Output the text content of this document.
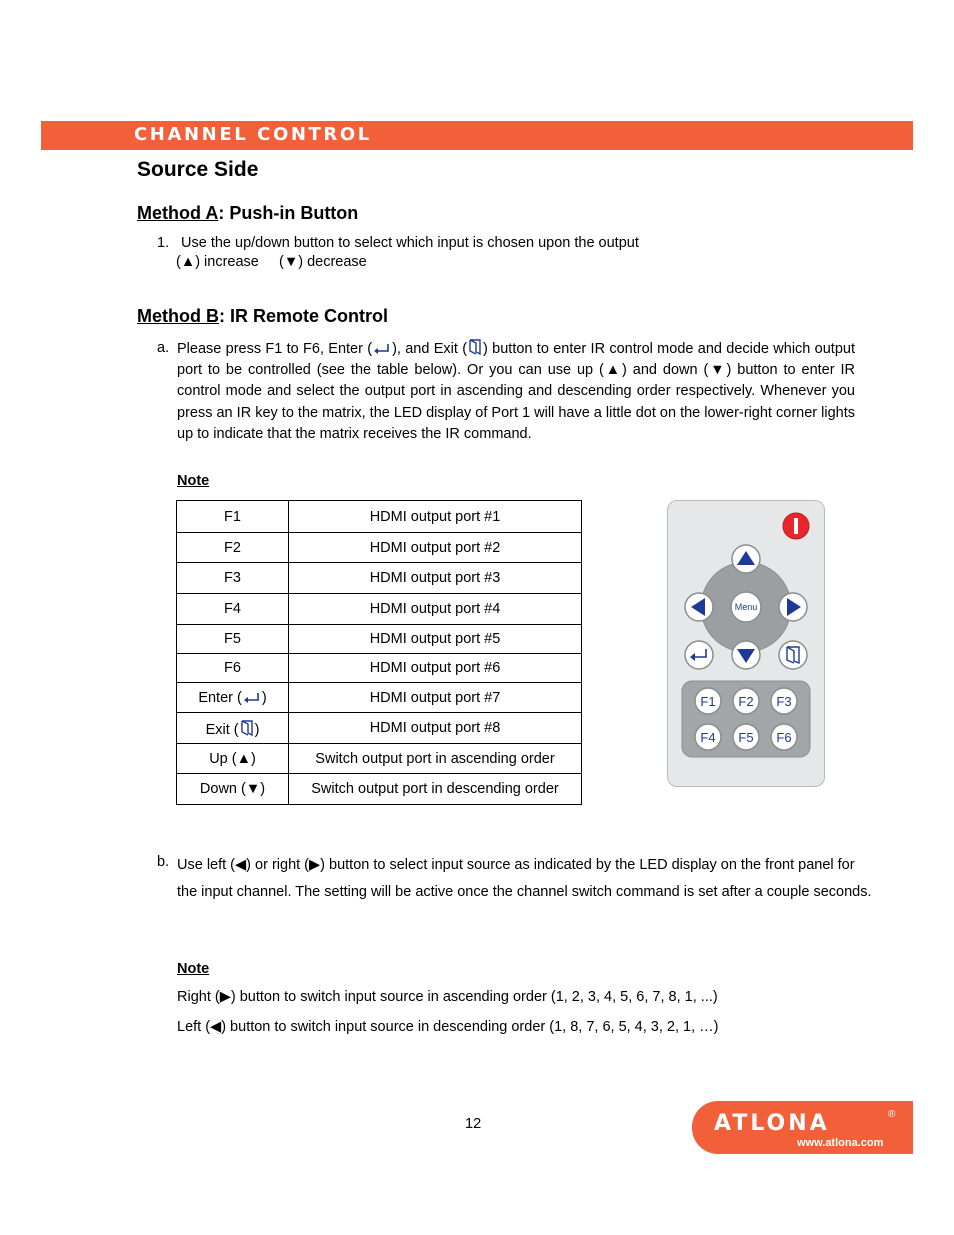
CHANNEL CONTROL
Source Side
Method A: Push-in Button
1. Use the up/down button to select which input is chosen upon the output
(▲) increase     (▼) decrease
Method B: IR Remote Control
a. Please press F1 to F6, Enter ( ), and Exit ( ) button to enter IR control mode and decide which output port to be controlled (see the table below). Or you can use up (▲) and down (▼) button to enter IR control mode and select the output port in ascending and descending order respectively. Whenever you press an IR key to the matrix, the LED display of Port 1 will have a little dot on the lower-right corner lights up to indicate that the matrix receives the IR command.
Note
F1	HDMI output port #1
F2	HDMI output port #2
F3	HDMI output port #3
F4	HDMI output port #4
F5	HDMI output port #5
F6	HDMI output port #6
Enter ( )	HDMI output port #7
Exit ( )	HDMI output port #8
Up (▲)	Switch output port in ascending order
Down (▼)	Switch output port in descending order
Menu
F1 F2 F3
F4 F5 F6
b. Use left (◀) or right (▶) button to select input source as indicated by the LED display on the front panel for the input channel. The setting will be active once the channel switch command is set after a couple seconds.
Note
Right (▶) button to switch input source in ascending order (1, 2, 3, 4, 5, 6, 7, 8, 1, ...)
Left (◀) button to switch input source in descending order (1, 8, 7, 6, 5, 4, 3, 2, 1, …)
12	ATLONA	®
www.atlona.com
